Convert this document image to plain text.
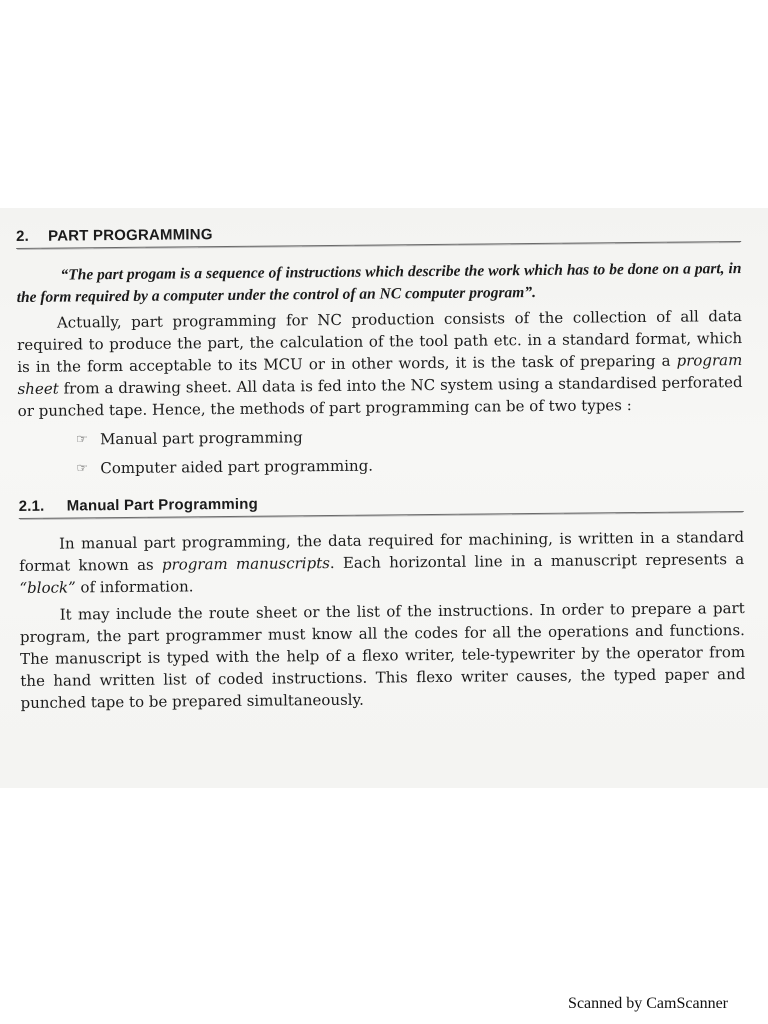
2. PART PROGRAMMING

“The part progam is a sequence of instructions which describe the work which has to be done on a part, in the form required by a computer under the control of an NC computer program”.

Actually, part programming for NC production consists of the collection of all data required to produce the part, the calculation of the tool path etc. in a standard format, which is in the form acceptable to its MCU or in other words, it is the task of preparing a program sheet from a drawing sheet. All data is fed into the NC system using a standardised perforated or punched tape. Hence, the methods of part programming can be of two types :

☞ Manual part programming
☞ Computer aided part programming.
2.1. Manual Part Programming

In manual part programming, the data required for machining, is written in a standard format known as program manuscripts. Each horizontal line in a manuscript represents a “block” of information.

It may include the route sheet or the list of the instructions. In order to prepare a part program, the part programmer must know all the codes for all the operations and functions. The manuscript is typed with the help of a flexo writer, tele-typewriter by the operator from the hand written list of coded instructions. This flexo writer causes, the typed paper and punched tape to be prepared simultaneously.

Scanned by CamScanner
